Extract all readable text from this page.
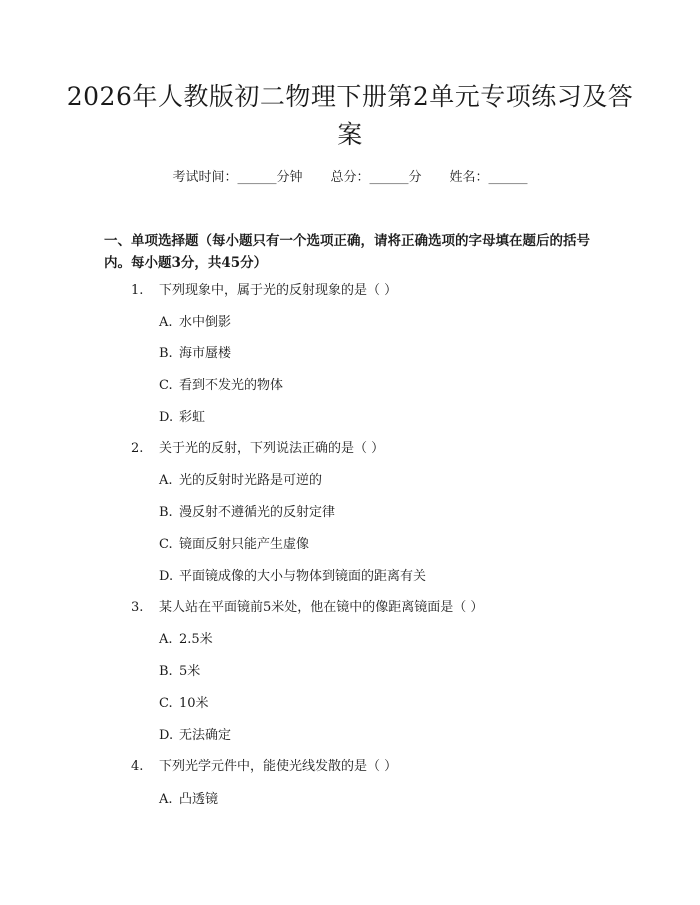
2026年人教版初二物理下册第2单元专项练习及答案
考试时间：______分钟 总分：______分 姓名：______
一、单项选择题（每小题只有一个选项正确，请将正确选项的字母填在题后的括号内。每小题3分，共45分）
1. 下列现象中，属于光的反射现象的是（ ）
A. 水中倒影
B. 海市蜃楼
C. 看到不发光的物体
D. 彩虹
2. 关于光的反射，下列说法正确的是（ ）
A. 光的反射时光路是可逆的
B. 漫反射不遵循光的反射定律
C. 镜面反射只能产生虚像
D. 平面镜成像的大小与物体到镜面的距离有关
3. 某人站在平面镜前5米处，他在镜中的像距离镜面是（ ）
A. 2.5米
B. 5米
C. 10米
D. 无法确定
4. 下列光学元件中，能使光线发散的是（ ）
A. 凸透镜
